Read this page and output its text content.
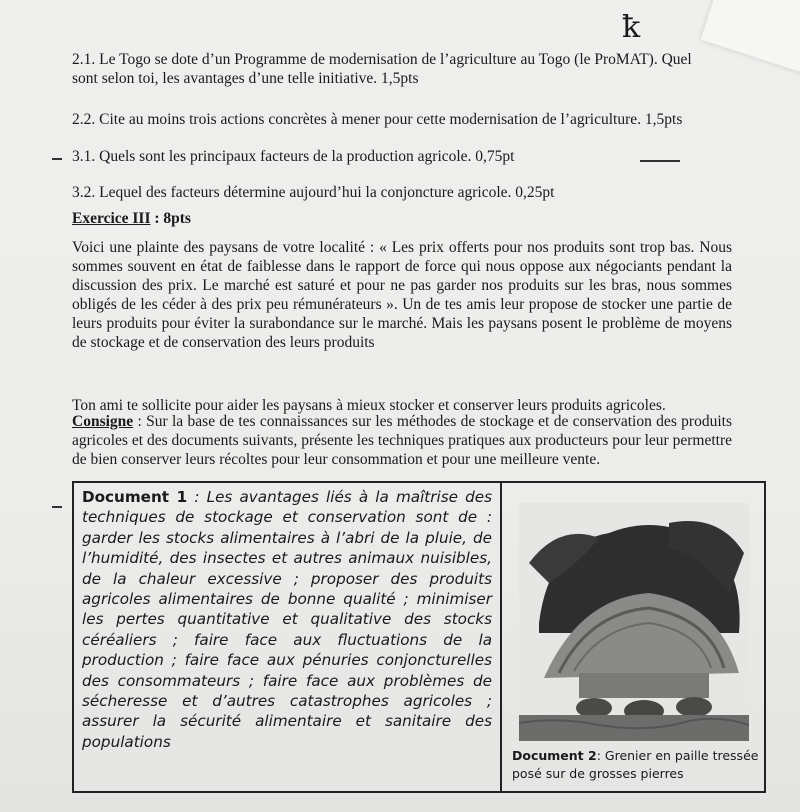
ꝁ
2.1. Le Togo se dote d’un Programme de modernisation de l’agriculture au Togo (le ProMAT). Quel
sont selon toi, les avantages d’une telle initiative. 1,5pts
2.2. Cite au moins trois actions concrètes à mener pour cette modernisation de l’agriculture. 1,5pts
3.1. Quels sont les principaux facteurs de la production agricole. 0,75pt
3.2. Lequel des facteurs détermine aujourd’hui la conjoncture agricole. 0,25pt
Exercice III : 8pts
Voici une plainte des paysans de votre localité : « Les prix offerts pour nos produits sont trop bas. Nous sommes souvent en état de faiblesse dans le rapport de force qui nous oppose aux négociants pendant la discussion des prix. Le marché est saturé et pour ne pas garder nos produits sur les bras, nous sommes obligés de les céder à des prix peu rémunérateurs ». Un de tes amis leur propose de stocker une partie de leurs produits pour éviter la surabondance sur le marché. Mais les paysans posent le problème de moyens de stockage et de conservation des leurs produits
Ton ami te sollicite pour aider les paysans à mieux stocker et conserver leurs produits agricoles.
Consigne : Sur la base de tes connaissances sur les méthodes de stockage et de conservation des produits agricoles et des documents suivants, présente les techniques pratiques aux producteurs pour leur permettre de bien conserver leurs récoltes pour leur consommation et pour une meilleure vente.
Document 1 : Les avantages liés à la maîtrise des techniques de stockage et conservation sont de : garder les stocks alimentaires à l’abri de la pluie, de l’humidité, des insectes et autres animaux nuisibles, de la chaleur excessive ; proposer des produits agricoles alimentaires de bonne qualité ; minimiser les pertes quantitative et qualitative des stocks céréaliers ; faire face aux fluctuations de la production ; faire face aux pénuries conjoncturelles des consommateurs ; faire face aux problèmes de sécheresse et d’autres catastrophes agricoles ; assurer la sécurité alimentaire et sanitaire des populations
Document 2: Grenier en paille tressée posé sur de grosses pierres
